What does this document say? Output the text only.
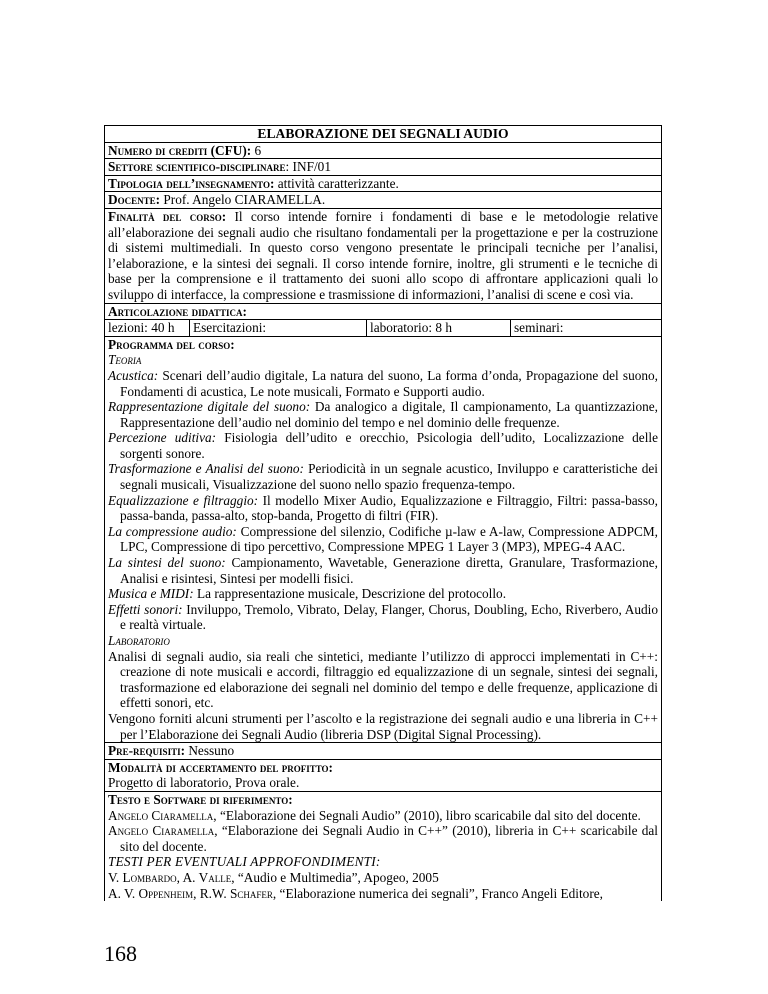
ELABORAZIONE DEI SEGNALI AUDIO
Numero di crediti (CFU): 6
Settore scientifico-disciplinare: INF/01
Tipologia dell’insegnamento: attività caratterizzante.
Docente: Prof. Angelo CIARAMELLA.
Finalità del corso: Il corso intende fornire i fondamenti di base e le metodologie relative all’elaborazione dei segnali audio che risultano fondamentali per la progettazione e per la costruzione di sistemi multimediali. In questo corso vengono presentate le principali tecniche per l’analisi, l’elaborazione, e la sintesi dei segnali. Il corso intende fornire, inoltre, gli strumenti e le tecniche di base per la comprensione e il trattamento dei suoni allo scopo di affrontare applicazioni quali lo sviluppo di interfacce, la compressione e trasmissione di informazioni, l’analisi di scene e così via.
Articolazione didattica:
lezioni: 40 h	Esercitazioni:	laboratorio: 8 h	seminari:
Programma del corso:
Teoria
Acustica: Scenari dell’audio digitale, La natura del suono, La forma d’onda, Propagazione del suono, Fondamenti di acustica, Le note musicali, Formato e Supporti audio.
Rappresentazione digitale del suono: Da analogico a digitale, Il campionamento, La quantizzazione, Rappresentazione dell’audio nel dominio del tempo e nel dominio delle frequenze.
Percezione uditiva: Fisiologia dell’udito e orecchio, Psicologia dell’udito, Localizzazione delle sorgenti sonore.
Trasformazione e Analisi del suono: Periodicità in un segnale acustico, Inviluppo e caratteristiche dei segnali musicali, Visualizzazione del suono nello spazio frequenza-tempo.
Equalizzazione e filtraggio: Il modello Mixer Audio, Equalizzazione e Filtraggio, Filtri: passa-basso, passa-banda, passa-alto, stop-banda, Progetto di filtri (FIR).
La compressione audio: Compressione del silenzio, Codifiche µ-law e A-law, Compressione ADPCM, LPC, Compressione di tipo percettivo, Compressione MPEG 1 Layer 3 (MP3), MPEG-4 AAC.
La sintesi del suono: Campionamento, Wavetable, Generazione diretta, Granulare, Trasformazione, Analisi e risintesi, Sintesi per modelli fisici.
Musica e MIDI: La rappresentazione musicale, Descrizione del protocollo.
Effetti sonori: Inviluppo, Tremolo, Vibrato, Delay, Flanger, Chorus, Doubling, Echo, Riverbero, Audio e realtà virtuale.
Laboratorio
Analisi di segnali audio, sia reali che sintetici, mediante l’utilizzo di approcci implementati in C++: creazione di note musicali e accordi, filtraggio ed equalizzazione di un segnale, sintesi dei segnali, trasformazione ed elaborazione dei segnali nel dominio del tempo e delle frequenze, applicazione di effetti sonori, etc.
Vengono forniti alcuni strumenti per l’ascolto e la registrazione dei segnali audio e una libreria in C++ per l’Elaborazione dei Segnali Audio (libreria DSP (Digital Signal Processing).
Pre-requisiti: Nessuno
Modalità di accertamento del profitto:
Progetto di laboratorio, Prova orale.
Testo e Software di riferimento:
Angelo Ciaramella, “Elaborazione dei Segnali Audio” (2010), libro scaricabile dal sito del docente.
Angelo Ciaramella, “Elaborazione dei Segnali Audio in C++” (2010), libreria in C++ scaricabile dal sito del docente.
TESTI PER EVENTUALI APPROFONDIMENTI:
V. Lombardo, A. Valle, “Audio e Multimedia”, Apogeo, 2005
A. V. Oppenheim, R.W. Schafer, “Elaborazione numerica dei segnali”, Franco Angeli Editore,
168
